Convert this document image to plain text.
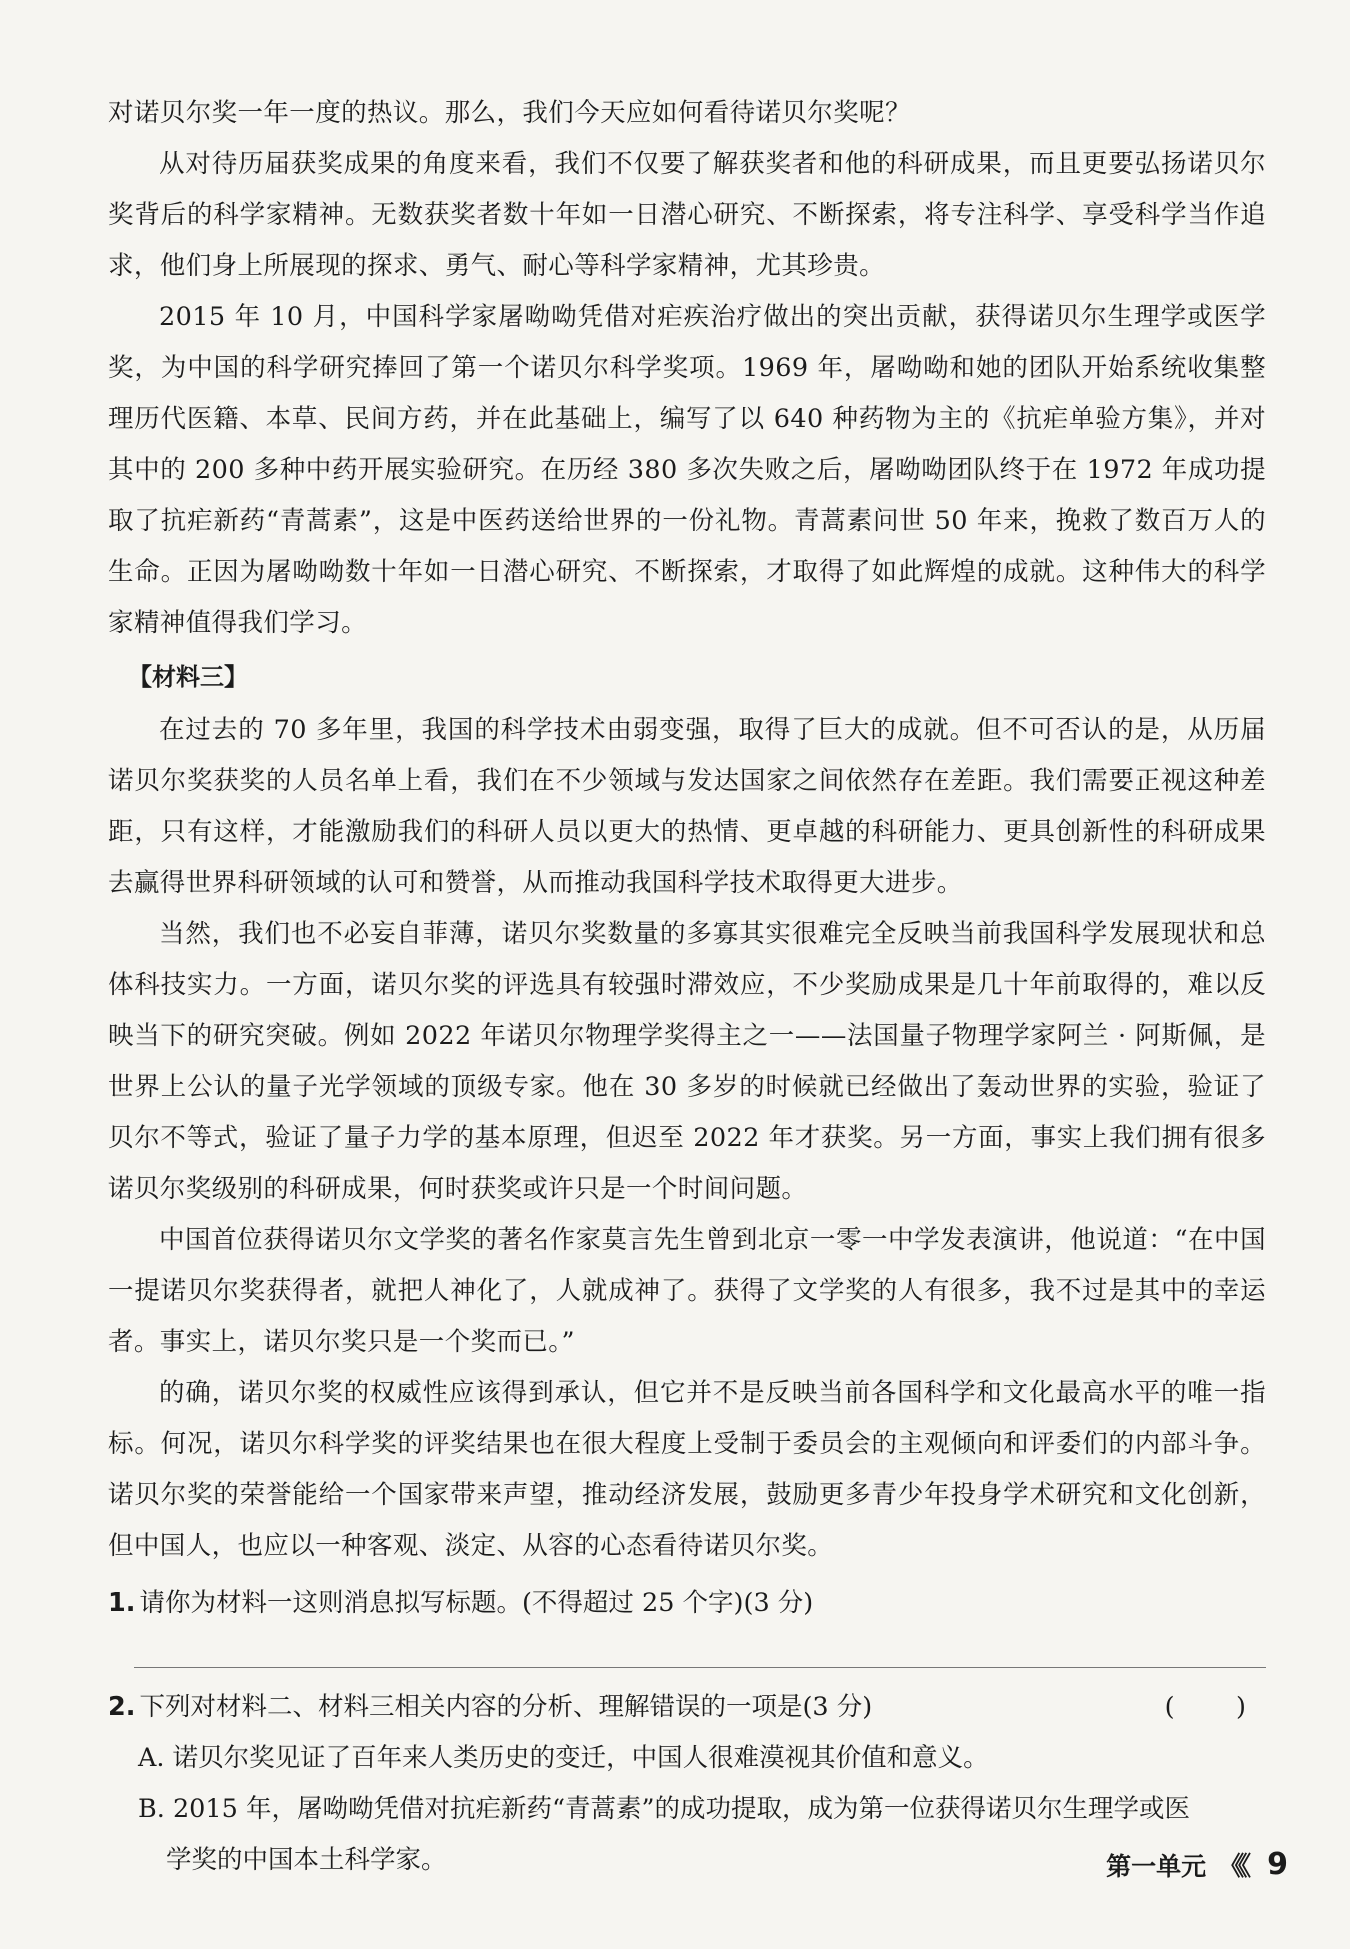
对诺贝尔奖一年一度的热议。那么，我们今天应如何看待诺贝尔奖呢？

从对待历届获奖成果的角度来看，我们不仅要了解获奖者和他的科研成果，而且更要弘扬诺贝尔奖背后的科学家精神。无数获奖者数十年如一日潜心研究、不断探索，将专注科学、享受科学当作追求，他们身上所展现的探求、勇气、耐心等科学家精神，尤其珍贵。

2015 年 10 月，中国科学家屠呦呦凭借对疟疾治疗做出的突出贡献，获得诺贝尔生理学或医学奖，为中国的科学研究捧回了第一个诺贝尔科学奖项。1969 年，屠呦呦和她的团队开始系统收集整理历代医籍、本草、民间方药，并在此基础上，编写了以 640 种药物为主的《抗疟单验方集》，并对其中的 200 多种中药开展实验研究。在历经 380 多次失败之后，屠呦呦团队终于在 1972 年成功提取了抗疟新药“青蒿素”，这是中医药送给世界的一份礼物。青蒿素问世 50 年来，挽救了数百万人的生命。正因为屠呦呦数十年如一日潜心研究、不断探索，才取得了如此辉煌的成就。这种伟大的科学家精神值得我们学习。

【材料三】

在过去的 70 多年里，我国的科学技术由弱变强，取得了巨大的成就。但不可否认的是，从历届诺贝尔奖获奖的人员名单上看，我们在不少领域与发达国家之间依然存在差距。我们需要正视这种差距，只有这样，才能激励我们的科研人员以更大的热情、更卓越的科研能力、更具创新性的科研成果去赢得世界科研领域的认可和赞誉，从而推动我国科学技术取得更大进步。

当然，我们也不必妄自菲薄，诺贝尔奖数量的多寡其实很难完全反映当前我国科学发展现状和总体科技实力。一方面，诺贝尔奖的评选具有较强时滞效应，不少奖励成果是几十年前取得的，难以反映当下的研究突破。例如 2022 年诺贝尔物理学奖得主之一——法国量子物理学家阿兰 · 阿斯佩，是世界上公认的量子光学领域的顶级专家。他在 30 多岁的时候就已经做出了轰动世界的实验，验证了贝尔不等式，验证了量子力学的基本原理，但迟至 2022 年才获奖。另一方面，事实上我们拥有很多诺贝尔奖级别的科研成果，何时获奖或许只是一个时间问题。

中国首位获得诺贝尔文学奖的著名作家莫言先生曾到北京一零一中学发表演讲，他说道：“在中国一提诺贝尔奖获得者，就把人神化了，人就成神了。获得了文学奖的人有很多，我不过是其中的幸运者。事实上，诺贝尔奖只是一个奖而已。”

的确，诺贝尔奖的权威性应该得到承认，但它并不是反映当前各国科学和文化最高水平的唯一指标。何况，诺贝尔科学奖的评奖结果也在很大程度上受制于委员会的主观倾向和评委们的内部斗争。诺贝尔奖的荣誉能给一个国家带来声望，推动经济发展，鼓励更多青少年投身学术研究和文化创新，但中国人，也应以一种客观、淡定、从容的心态看待诺贝尔奖。

1. 请你为材料一这则消息拟写标题。(不得超过 25 个字)(3 分)
2. 下列对材料二、材料三相关内容的分析、理解错误的一项是(3 分)	(　)

A. 诺贝尔奖见证了百年来人类历史的变迁，中国人很难漠视其价值和意义。

B. 2015 年，屠呦呦凭借对抗疟新药“青蒿素”的成功提取，成为第一位获得诺贝尔生理学或医

学奖的中国本土科学家。	第一单元 《《 9
